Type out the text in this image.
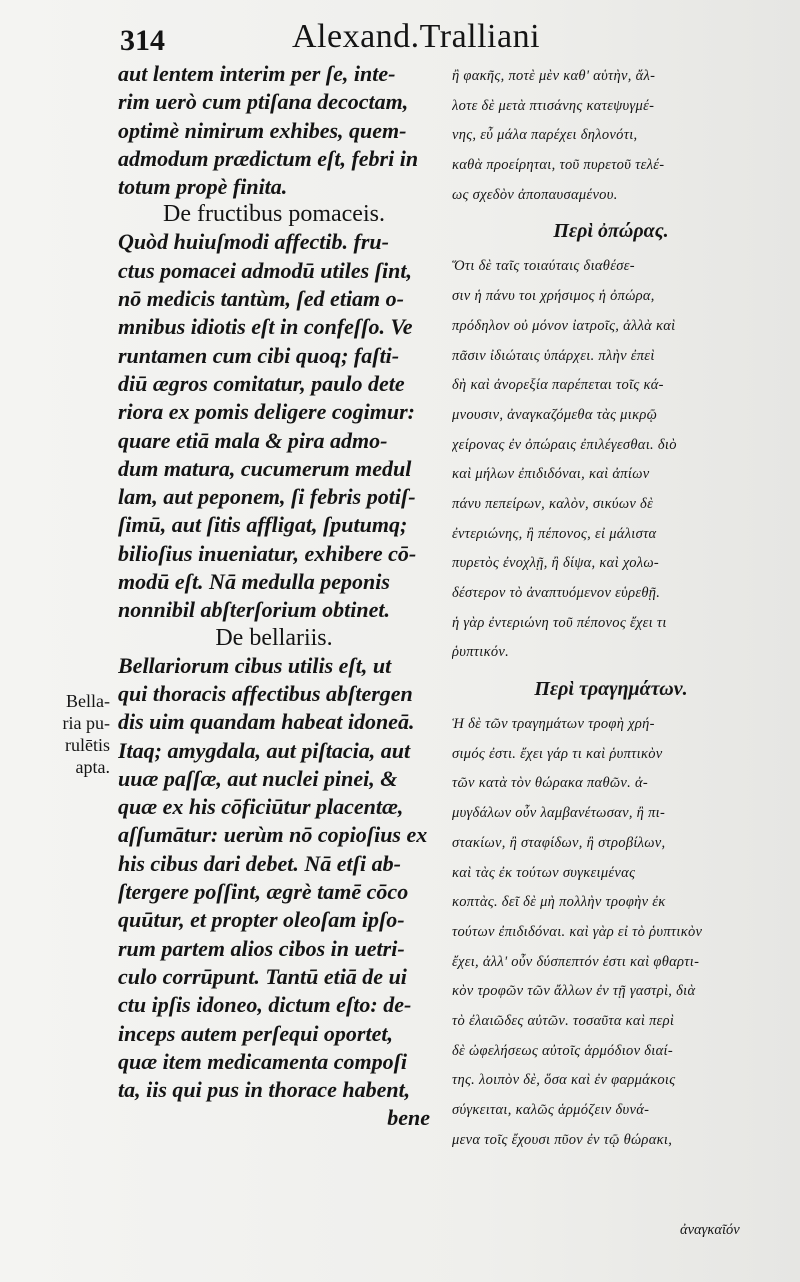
314	Alexand.Tralliani
aut lentem interim per ſe, inte-
rim uerò cum ptiſana decoctam,
optimè nimirum exhibes, quem-
admodum prædictum eſt, febri in
totum propè finita.
De fructibus pomaceis.
Quòd huiuſmodi affectib. fru-
ctus pomacei admodū utiles ſint,
nō medicis tantùm, ſed etiam o-
mnibus idiotis eſt in confeſſo. Ve
runtamen cum cibi quoq; faſti-
diū ægros comitatur, paulo dete
riora ex pomis deligere cogimur:
quare etiā mala & pira admo-
dum matura, cucumerum medul
lam, aut peponem, ſi febris potiſ-
ſimū, aut ſitis affligat, ſputumq;
bilioſius inueniatur, exhibere cō-
modū eſt. Nā medulla peponis
nonnibil abſterſorium obtinet.
De bellariis.
Bellariorum cibus utilis eſt, ut
qui thoracis affectibus abſtergen
dis uim quandam habeat idoneā.
Itaq; amygdala, aut piſtacia, aut
uuæ paſſæ, aut nuclei pinei, &
quæ ex his cōficiūtur placentæ,
aſſumātur: uerùm nō copioſius ex
his cibus dari debet. Nā etſi ab-
ſtergere poſſint, ægrè tamē cōco
quūtur, et propter oleoſam ipſo-
rum partem alios cibos in uetri-
culo corrūpunt. Tantū etiā de ui
ctu ipſis idoneo, dictum eſto: de-
inceps autem perſequi oportet,
quæ item medicamenta compoſi
ta, iis qui pus in thorace habent,
bene
Bella-
ria pu-
rulētis
apta.
ἢ φακῆς, ποτὲ μὲν καθ' αὑτὴν, ἄλ-
λοτε δὲ μετὰ πτισάνης κατεψυγμέ-
νης, εὖ μάλα παρέχει δηλονότι,
καθὰ προείρηται, τοῦ πυρετοῦ τελέ-
ως σχεδὸν ἀποπαυσαμένου.
Περὶ ὀπώρας.
Ὅτι δὲ ταῖς τοιαύταις διαθέσε-
σιν ἡ πάνυ τοι χρήσιμος ἡ ὀπώρα,
πρόδηλον οὐ μόνον ἰατροῖς, ἀλλὰ καὶ
πᾶσιν ἰδιώταις ὑπάρχει. πλὴν ἐπεὶ
δὴ καὶ ἀνορεξία παρέπεται τοῖς κά-
μνουσιν, ἀναγκαζόμεθα τὰς μικρῷ
χείρονας ἐν ὀπώραις ἐπιλέγεσθαι. διὸ
καὶ μήλων ἐπιδιδόναι, καὶ ἀπίων
πάνυ πεπείρων, καλὸν, σικύων δὲ
ἐντεριώνης, ἢ πέπονος, εἰ μάλιστα
πυρετὸς ἐνοχλῇ, ἢ δίψα, καὶ χολω-
δέστερον τὸ ἀναπτυόμενον εὑρεθῇ.
ἡ γὰρ ἐντεριώνη τοῦ πέπονος ἔχει τι
ῥυπτικόν.
Περὶ τραγημάτων.
Ἡ δὲ τῶν τραγημάτων τροφὴ χρή-
σιμός ἐστι. ἔχει γάρ τι καὶ ῥυπτικὸν
τῶν κατὰ τὸν θώρακα παθῶν. ἀ-
μυγδάλων οὖν λαμβανέτωσαν, ἢ πι-
στακίων, ἢ σταφίδων, ἢ στροβίλων,
καὶ τὰς ἐκ τούτων συγκειμένας
κοπτὰς. δεῖ δὲ μὴ πολλὴν τροφὴν ἐκ
τούτων ἐπιδιδόναι. καὶ γὰρ εἰ τὸ ῥυπτικὸν
ἔχει, ἀλλ' οὖν δύσπεπτόν ἐστι καὶ φθαρτι-
κὸν τροφῶν τῶν ἄλλων ἐν τῇ γαστρὶ, διὰ
τὸ ἐλαιῶδες αὐτῶν. τοσαῦτα καὶ περὶ
δὲ ὠφελήσεως αὐτοῖς ἁρμόδιον διαί-
της. λοιπὸν δὲ, ὅσα καὶ ἐν φαρμάκοις
σύγκειται, καλῶς ἁρμόζειν δυνά-
μενα τοῖς ἔχουσι πῦον ἐν τῷ θώρακι,
ἀναγκαῖόν
